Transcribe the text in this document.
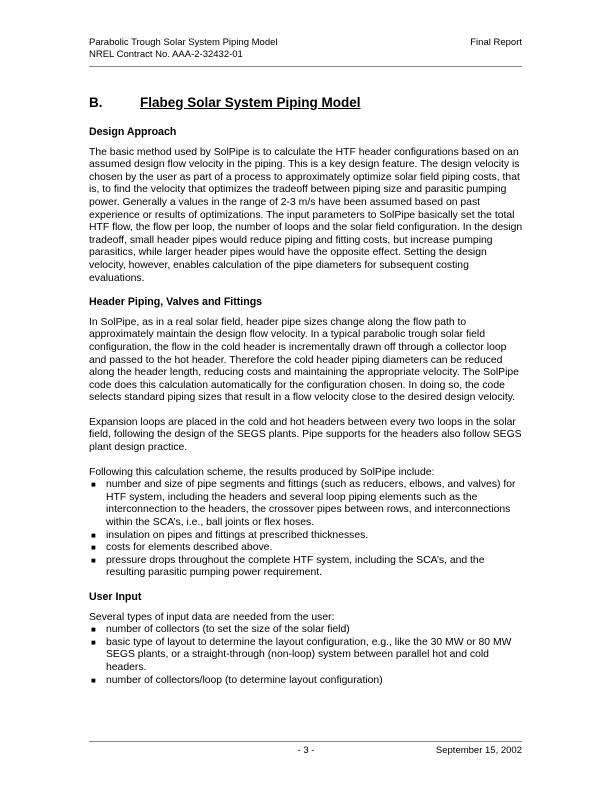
Parabolic Trough Solar System Piping Model
NREL Contract No. AAA-2-32432-01
Final Report
B.	Flabeg Solar System Piping Model
Design Approach

The basic method used by SolPipe is to calculate the HTF header configurations based on an assumed design flow velocity in the piping. This is a key design feature. The design velocity is chosen by the user as part of a process to approximately optimize solar field piping costs, that is, to find the velocity that optimizes the tradeoff between piping size and parasitic pumping power. Generally a values in the range of 2-3 m/s have been assumed based on past experience or results of optimizations. The input parameters to SolPipe basically set the total HTF flow, the flow per loop, the number of loops and the solar field configuration. In the design tradeoff, small header pipes would reduce piping and fitting costs, but increase pumping parasitics, while larger header pipes would have the opposite effect. Setting the design velocity, however, enables calculation of the pipe diameters for subsequent costing evaluations.

Header Piping, Valves and Fittings

In SolPipe, as in a real solar field, header pipe sizes change along the flow path to approximately maintain the design flow velocity. In a typical parabolic trough solar field configuration, the flow in the cold header is incrementally drawn off through a collector loop and passed to the hot header. Therefore the cold header piping diameters can be reduced along the header length, reducing costs and maintaining the appropriate velocity. The SolPipe code does this calculation automatically for the configuration chosen. In doing so, the code selects standard piping sizes that result in a flow velocity close to the desired design velocity.

Expansion loops are placed in the cold and hot headers between every two loops in the solar field, following the design of the SEGS plants. Pipe supports for the headers also follow SEGS plant design practice.

Following this calculation scheme, the results produced by SolPipe include:

■ number and size of pipe segments and fittings (such as reducers, elbows, and valves) for HTF system, including the headers and several loop piping elements such as the interconnection to the headers, the crossover pipes between rows, and interconnections within the SCA’s, i.e., ball joints or flex hoses.
■ insulation on pipes and fittings at prescribed thicknesses.
■ costs for elements described above.
■ pressure drops throughout the complete HTF system, including the SCA’s, and the resulting parasitic pumping power requirement.
User Input

Several types of input data are needed from the user:

■ number of collectors (to set the size of the solar field)
■ basic type of layout to determine the layout configuration, e.g., like the 30 MW or 80 MW SEGS plants, or a straight-through (non-loop) system between parallel hot and cold headers.
■ number of collectors/loop (to determine layout configuration)
- 3 -	September 15, 2002
